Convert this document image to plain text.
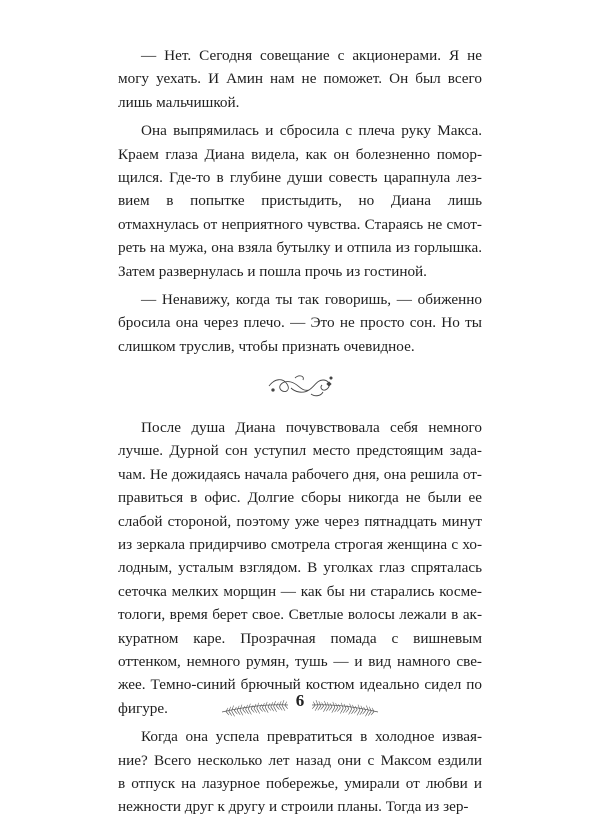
— Нет. Сегодня совещание с акционерами. Я не
могу уехать. И Амин нам не поможет. Он был всего
лишь мальчишкой.
Она выпрямилась и сбросила с плеча руку Макса.
Краем глаза Диана видела, как он болезненно помор-
щился. Где-то в глубине души совесть царапнула лез-
вием в попытке пристыдить, но Диана лишь
отмахнулась от неприятного чувства. Стараясь не смот-
реть на мужа, она взяла бутылку и отпила из горлышка.
Затем развернулась и пошла прочь из гостиной.
— Ненавижу, когда ты так говоришь, — обиженно
бросила она через плечо. — Это не просто сон. Но ты
слишком труслив, чтобы признать очевидное.
После душа Диана почувствовала себя немного
лучше. Дурной сон уступил место предстоящим зада-
чам. Не дожидаясь начала рабочего дня, она решила от-
правиться в офис. Долгие сборы никогда не были ее
слабой стороной, поэтому уже через пятнадцать минут
из зеркала придирчиво смотрела строгая женщина с хо-
лодным, усталым взглядом. В уголках глаз спряталась
сеточка мелких морщин — как бы ни старались косме-
тологи, время берет свое. Светлые волосы лежали в ак-
куратном каре. Прозрачная помада с вишневым
оттенком, немного румян, тушь — и вид намного све-
жее. Темно-синий брючный костюм идеально сидел по
фигуре.
Когда она успела превратиться в холодное извая-
ние? Всего несколько лет назад они с Максом ездили
в отпуск на лазурное побережье, умирали от любви и
нежности друг к другу и строили планы. Тогда из зер-
6
